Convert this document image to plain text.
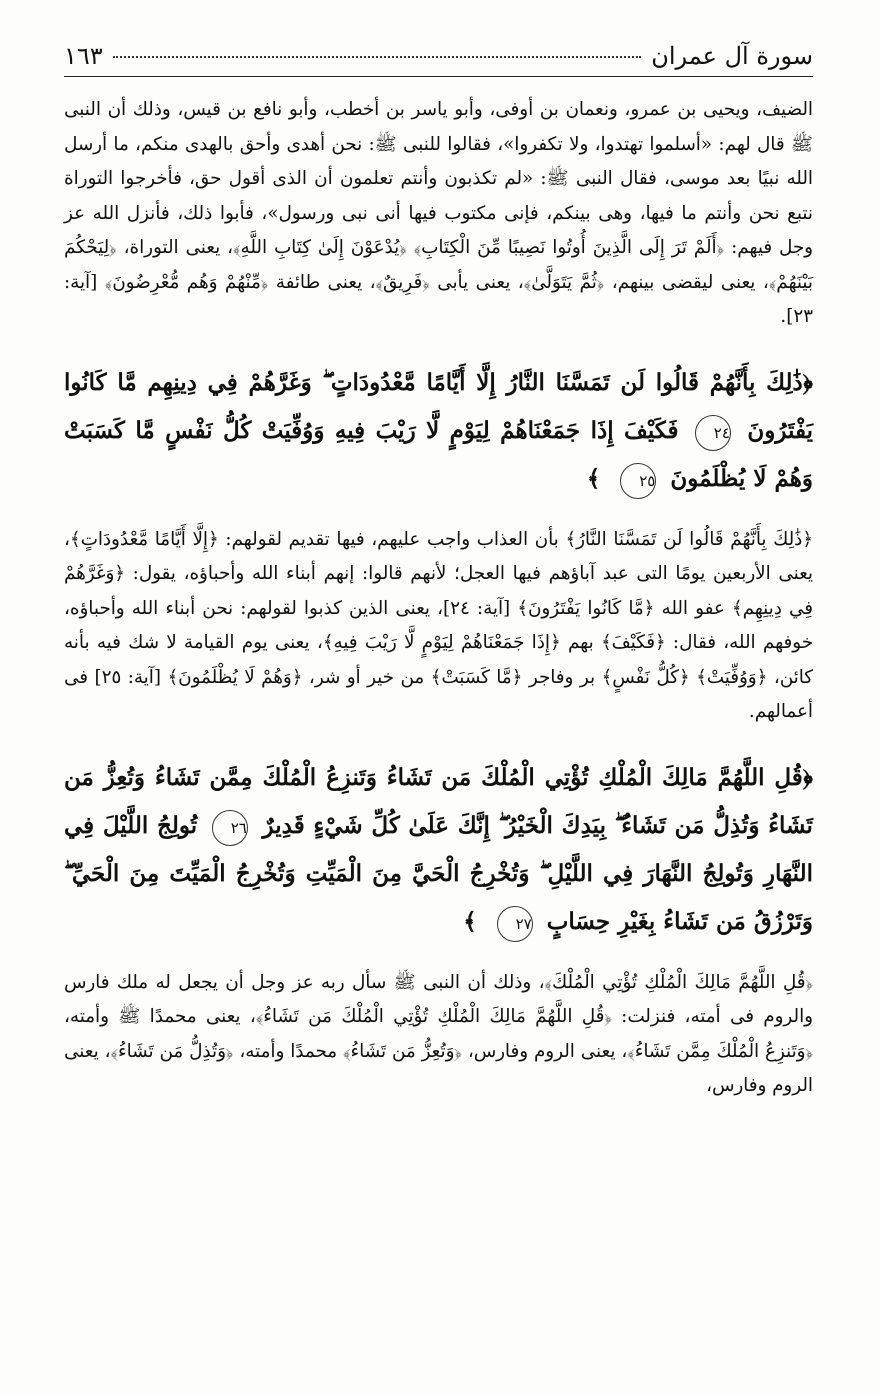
سورة آل عمران
١٦٣

الضيف، ويحيى بن عمرو، ونعمان بن أوفى، وأبو ياسر بن أخطب، وأبو نافع بن قيس، وذلك أن النبى ﷺ قال لهم: «أسلموا تهتدوا، ولا تكفروا»، فقالوا للنبى ﷺ: نحن أهدى وأحق بالهدى منكم، ما أرسل الله نبيًا بعد موسى، فقال النبى ﷺ: «لم تكذبون وأنتم تعلمون أن الذى أقول حق، فأخرجوا التوراة نتبع نحن وأنتم ما فيها، وهى بينكم، فإنى مكتوب فيها أنى نبى ورسول»، فأبوا ذلك، فأنزل الله عز وجل فيهم: ﴿أَلَمْ تَرَ إِلَى الَّذِينَ أُوتُوا نَصِيبًا مِّنَ الْكِتَابِ﴾ ﴿يُدْعَوْنَ إِلَىٰ كِتَابِ اللَّهِ﴾، يعنى التوراة، ﴿لِيَحْكُمَ بَيْنَهُمْ﴾، يعنى ليقضى بينهم، ﴿ثُمَّ يَتَوَلَّىٰ﴾، يعنى يأبى ﴿فَرِيقٌ﴾، يعنى طائفة ﴿مِّنْهُمْ وَهُم مُّعْرِضُونَ﴾ [آية: ٢٣].

﴿ذَٰلِكَ بِأَنَّهُمْ قَالُوا لَن تَمَسَّنَا النَّارُ إِلَّا أَيَّامًا مَّعْدُودَاتٍ ۖ وَغَرَّهُمْ فِي دِينِهِم مَّا كَانُوا يَفْتَرُونَ ٢٤ فَكَيْفَ إِذَا جَمَعْنَاهُمْ لِيَوْمٍ لَّا رَيْبَ فِيهِ وَوُفِّيَتْ كُلُّ نَفْسٍ مَّا كَسَبَتْ وَهُمْ لَا يُظْلَمُونَ ٢٥ ﴾

﴿ذَٰلِكَ بِأَنَّهُمْ قَالُوا لَن تَمَسَّنَا النَّارُ﴾ بأن العذاب واجب عليهم، فيها تقديم لقولهم: ﴿إِلَّا أَيَّامًا مَّعْدُودَاتٍ﴾، يعنى الأربعين يومًا التى عبد آباؤهم فيها العجل؛ لأنهم قالوا: إنهم أبناء الله وأحباؤه، يقول: ﴿وَغَرَّهُمْ فِي دِينِهِم﴾ عفو الله ﴿مَّا كَانُوا يَفْتَرُونَ﴾ [آية: ٢٤]، يعنى الذين كذبوا لقولهم: نحن أبناء الله وأحباؤه، خوفهم الله، فقال: ﴿فَكَيْفَ﴾ بهم ﴿إِذَا جَمَعْنَاهُمْ لِيَوْمٍ لَّا رَيْبَ فِيهِ﴾، يعنى يوم القيامة لا شك فيه بأنه كائن، ﴿وَوُفِّيَتْ﴾ ﴿كُلُّ نَفْسٍ﴾ بر وفاجر ﴿مَّا كَسَبَتْ﴾ من خير أو شر، ﴿وَهُمْ لَا يُظْلَمُونَ﴾ [آية: ٢٥] فى أعمالهم.

﴿قُلِ اللَّهُمَّ مَالِكَ الْمُلْكِ تُؤْتِي الْمُلْكَ مَن تَشَاءُ وَتَنزِعُ الْمُلْكَ مِمَّن تَشَاءُ وَتُعِزُّ مَن تَشَاءُ وَتُذِلُّ مَن تَشَاءُ ۖ بِيَدِكَ الْخَيْرُ ۖ إِنَّكَ عَلَىٰ كُلِّ شَيْءٍ قَدِيرٌ ٢٦ تُولِجُ اللَّيْلَ فِي النَّهَارِ وَتُولِجُ النَّهَارَ فِي اللَّيْلِ ۖ وَتُخْرِجُ الْحَيَّ مِنَ الْمَيِّتِ وَتُخْرِجُ الْمَيِّتَ مِنَ الْحَيِّ ۖ وَتَرْزُقُ مَن تَشَاءُ بِغَيْرِ حِسَابٍ ٢٧ ﴾

﴿قُلِ اللَّهُمَّ مَالِكَ الْمُلْكِ تُؤْتِي الْمُلْكَ﴾، وذلك أن النبى ﷺ سأل ربه عز وجل أن يجعل له ملك فارس والروم فى أمته، فنزلت: ﴿قُلِ اللَّهُمَّ مَالِكَ الْمُلْكِ تُؤْتِي الْمُلْكَ مَن تَشَاءُ﴾، يعنى محمدًا ﷺ وأمته، ﴿وَتَنزِعُ الْمُلْكَ مِمَّن تَشَاءُ﴾، يعنى الروم وفارس، ﴿وَتُعِزُّ مَن تَشَاءُ﴾ محمدًا وأمته، ﴿وَتُذِلُّ مَن تَشَاءُ﴾، يعنى الروم وفارس،
